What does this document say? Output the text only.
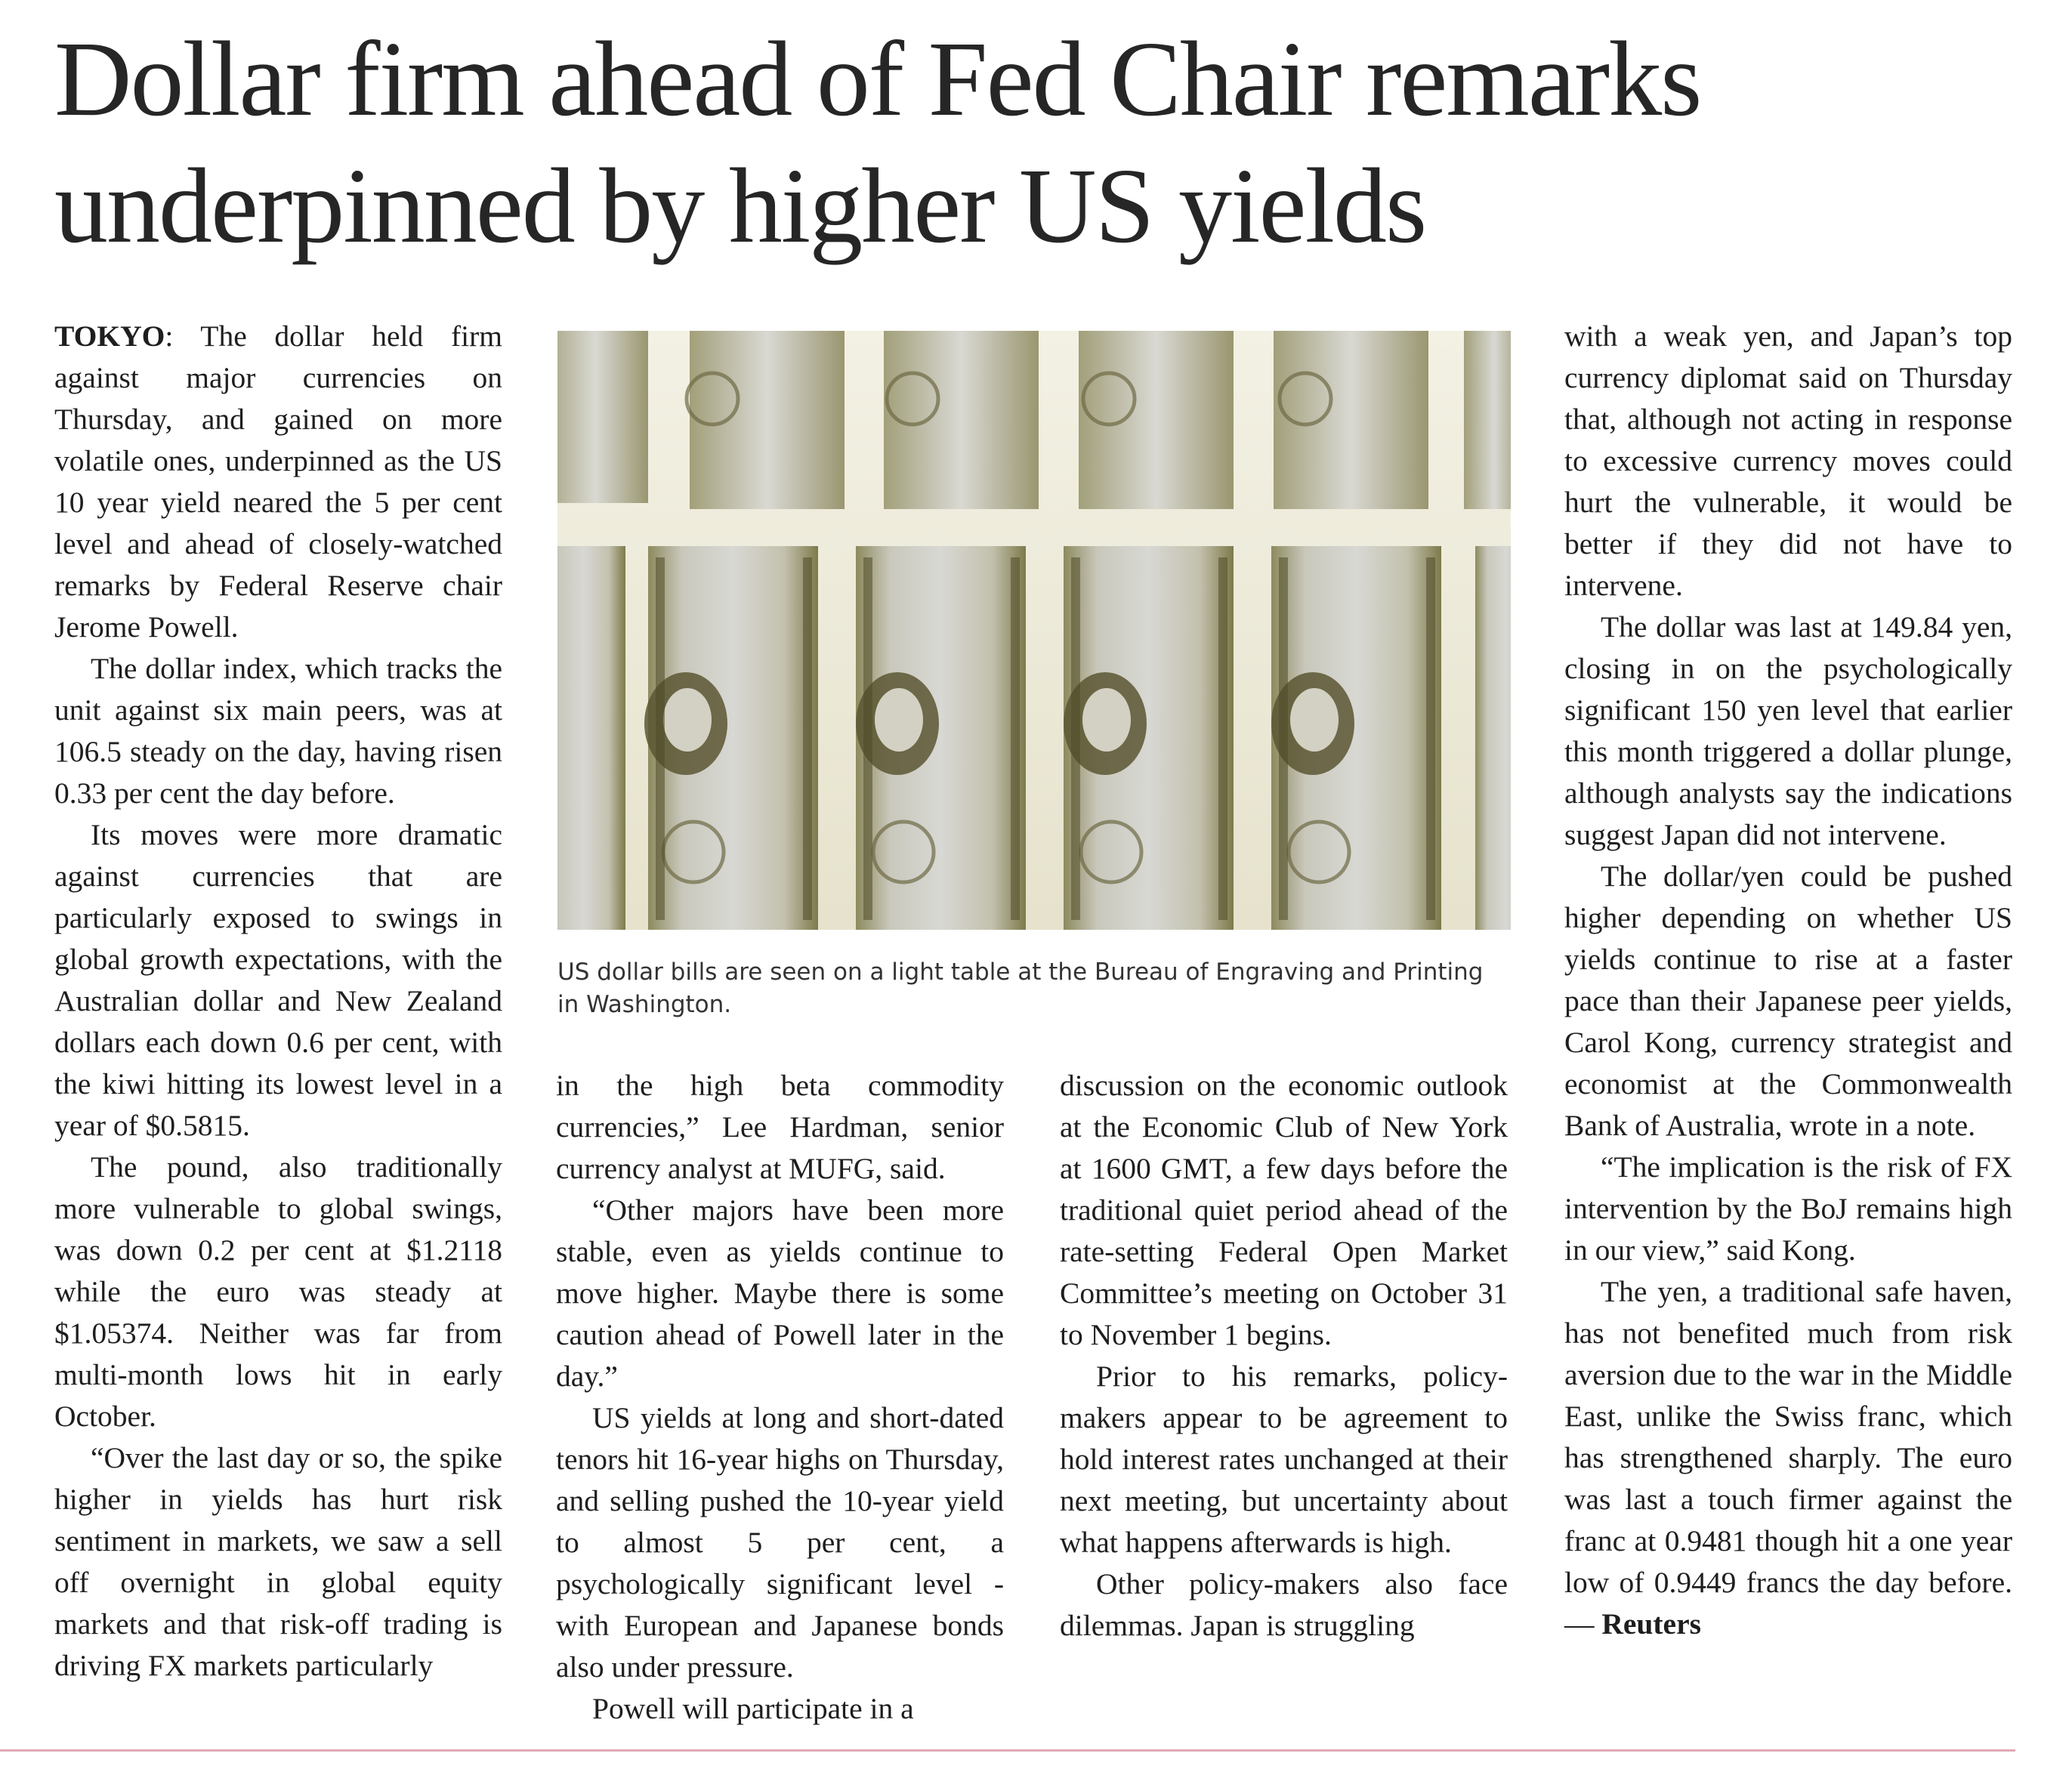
Dollar firm ahead of Fed Chair remarks
underpinned by higher US yields

TOKYO: The dollar held firm against major currencies on Thursday, and gained on more volatile ones, underpinned as the US 10 year yield neared the 5 per cent level and ahead of closely-watched remarks by Federal Reserve chair Jerome Powell.

The dollar index, which tracks the unit against six main peers, was at 106.5 steady on the day, having risen 0.33 per cent the day before.

Its moves were more dramatic against currencies that are particularly exposed to swings in global growth expectations, with the Australian dollar and New Zealand dollars each down 0.6 per cent, with the kiwi hitting its lowest level in a year of $0.5815.

The pound, also traditionally more vulnerable to global swings, was down 0.2 per cent at $1.2118 while the euro was steady at $1.05374. Neither was far from multi-month lows hit in early October.

“Over the last day or so, the spike higher in yields has hurt risk sentiment in markets, we saw a sell off overnight in global equity markets and that risk-off trading is driving FX markets particularly

US dollar bills are seen on a light table at the Bureau of Engraving and Printing in Washington.

in the high beta commodity currencies,” Lee Hardman, senior currency analyst at MUFG, said.

“Other majors have been more stable, even as yields continue to move higher. Maybe there is some caution ahead of Powell later in the day.”

US yields at long and short-dated tenors hit 16-year highs on Thursday, and selling pushed the 10-year yield to almost 5 per cent, a psychologically significant level - with European and Japanese bonds also under pressure.

Powell will participate in a

discussion on the economic outlook at the Economic Club of New York at 1600 GMT, a few days before the traditional quiet period ahead of the rate-setting Federal Open Market Committee’s meeting on October 31 to November 1 begins.

Prior to his remarks, policy-makers appear to be agreement to hold interest rates unchanged at their next meeting, but uncertainty about what happens afterwards is high.

Other policy-makers also face dilemmas. Japan is struggling

with a weak yen, and Japan’s top currency diplomat said on Thursday that, although not acting in response to excessive currency moves could hurt the vulnerable, it would be better if they did not have to intervene.

The dollar was last at 149.84 yen, closing in on the psychologically significant 150 yen level that earlier this month triggered a dollar plunge, although analysts say the indications suggest Japan did not intervene.

The dollar/yen could be pushed higher depending on whether US yields continue to rise at a faster pace than their Japanese peer yields, Carol Kong, currency strategist and economist at the Commonwealth Bank of Australia, wrote in a note.

“The implication is the risk of FX intervention by the BoJ remains high in our view,” said Kong.

The yen, a traditional safe haven, has not benefited much from risk aversion due to the war in the Middle East, unlike the Swiss franc, which has strengthened sharply. The euro was last a touch firmer against the franc at 0.9481 though hit a one year low of 0.9449 francs the day before. — Reuters
